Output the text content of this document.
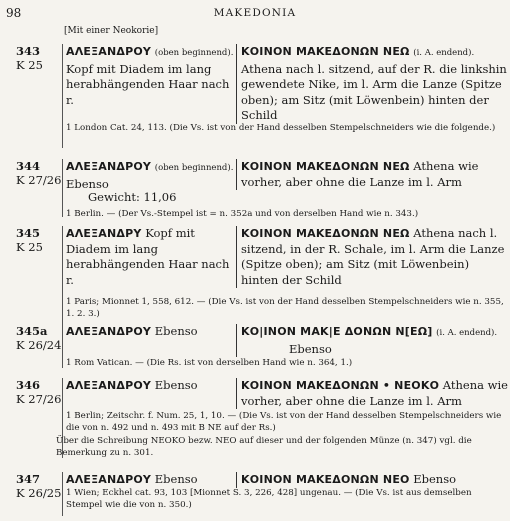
98	MAKEDONIA
[Mit einer Neokorie]
343
K 25
ΑΛΕΞΑΝΔΡΟΥ (oben beginnend). Kopf mit Diadem im lang herabhängenden Haar nach r.
ΚΟΙΝΟΝ ΜΑΚΕΔΟΝΩΝ ΝΕΩ (i. A. endend). Athena nach l. sitzend, auf der R. die linkshin gewendete Nike, im l. Arm die Lanze (Spitze oben); am Sitz (mit Löwenbein) hinten der Schild
1 London Cat. 24, 113. (Die Vs. ist von der Hand desselben Stempelschneiders wie die folgende.)
344
K 27/26
ΑΛΕΞΑΝΔΡΟΥ (oben beginnend). Ebenso
Gewicht: 11,06
ΚΟΙΝΟΝ ΜΑΚΕΔΟΝΩΝ ΝΕΩ Athena wie vorher, aber ohne die Lanze im l. Arm
1 Berlin. — (Der Vs.-Stempel ist = n. 352a und von derselben Hand wie n. 343.)
345
K 25
ΑΛΕΞΑΝΔΡΥ Kopf mit Diadem im lang herabhängenden Haar nach r.
ΚΟΙΝΟΝ ΜΑΚΕΔΟΝΩΝ ΝΕΩ Athena nach l. sitzend, in der R. Schale, im l. Arm die Lanze (Spitze oben); am Sitz (mit Löwenbein) hinten der Schild
1 Paris; Mionnet 1, 558, 612. — (Die Vs. ist von der Hand desselben Stempelschneiders wie n. 355, 1. 2. 3.)
345a
K 26/24
ΑΛΕΞΑΝΔΡΟΥ Ebenso	ΚΟ|ΙΝΟΝ ΜΑΚ|Ε ΔΟΝΩΝ Ν[ΕΩ] (i. A. endend).
Ebenso
1 Rom Vatican. — (Die Rs. ist von derselben Hand wie n. 364, 1.)
346
K 27/26
ΑΛΕΞΑΝΔΡΟΥ Ebenso	ΚΟΙΝΟΝ ΜΑΚΕΔΟΝΩΝ • ΝΕΟΚΟ Athena wie vorher, aber ohne die Lanze im l. Arm
1 Berlin; Zeitschr. f. Num. 25, 1, 10. — (Die Vs. ist von der Hand desselben Stempelschneiders wie die von n. 492 und n. 493 mit Β ΝΕ auf der Rs.)
Über die Schreibung ΝΕΟΚΟ bezw. ΝΕΟ auf dieser und der folgenden Münze (n. 347) vgl. die Bemerkung zu n. 301.
347
K 26/25
ΑΛΕΞΑΝΔΡΟΥ Ebenso	ΚΟΙΝΟΝ ΜΑΚΕΔΟΝΩΝ ΝΕΟ Ebenso
1 Wien; Eckhel cat. 93, 103 [Mionnet S. 3, 226, 428] ungenau. — (Die Vs. ist aus demselben Stempel wie die von n. 350.)
